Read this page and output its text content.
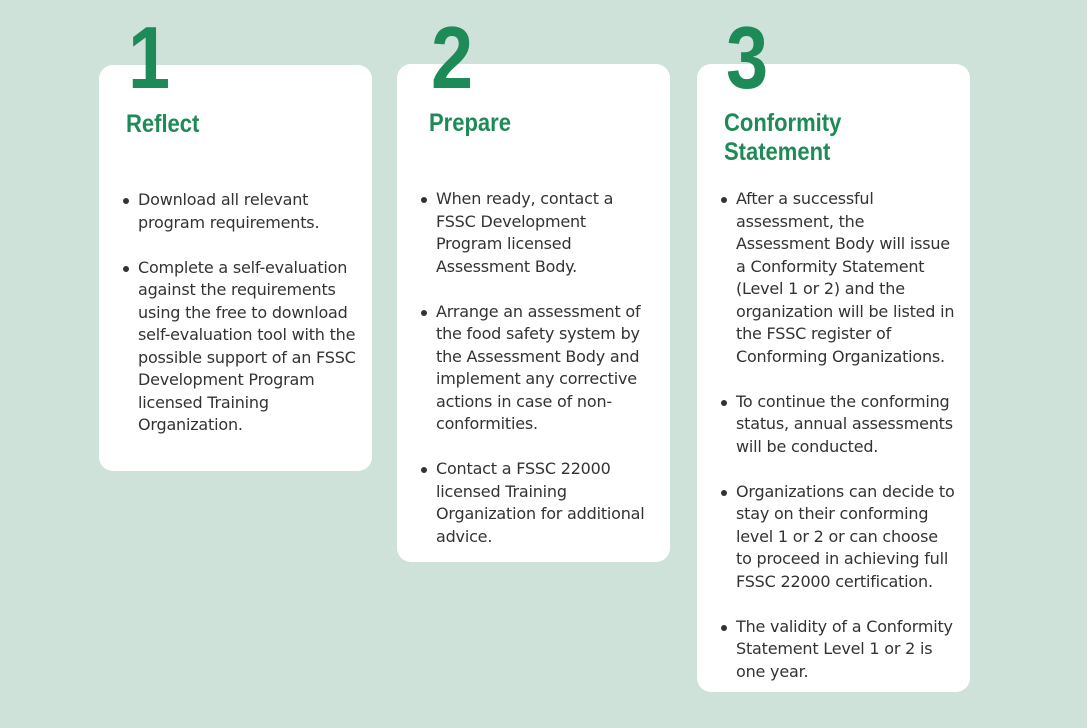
Reflect
Download all relevant program requirements.
Complete a self-evaluation against the requirements using the free to download self-evaluation tool with the possible support of an FSSC Development Program licensed Training Organization.
1
Prepare
When ready, contact a FSSC Development Program licensed Assessment Body.
Arrange an assessment of the food safety system by the Assessment Body and implement any corrective actions in case of non-conformities.
Contact a FSSC 22000 licensed Training Organization for additional advice.
2
Conformity Statement
After a successful assessment, the Assessment Body will issue a Conformity Statement (Level 1 or 2) and the organization will be listed in the FSSC register of Conforming Organizations.
To continue the conforming status, annual assessments will be conducted.
Organizations can decide to stay on their conforming level 1 or 2 or can choose to proceed in achieving full FSSC 22000 certification.
The validity of a Conformity Statement Level 1 or 2 is one year.
3
